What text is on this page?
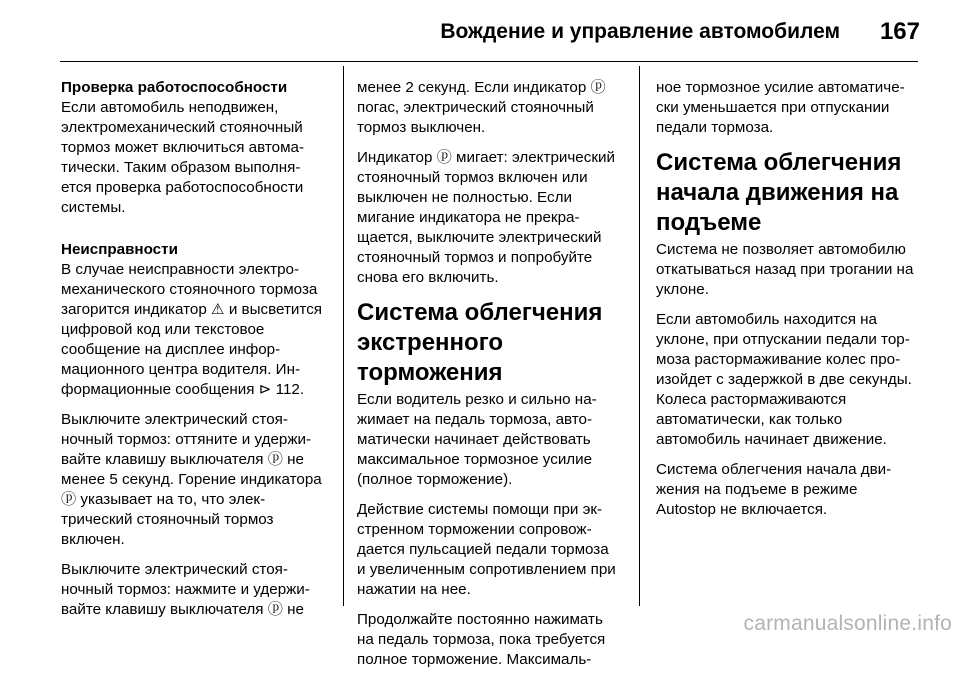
Вождение и управление автомобилем 167
Проверка работоспособности

Если автомобиль неподвижен, электромеханический стояночный тормоз может включиться автоматически. Таким образом выполняется проверка работоспособности системы.

Неисправности

В случае неисправности электромеханического стояночного тормоза загорится индикатор ⚠ и высветится цифровой код или текстовое сообщение на дисплее информационного центра водителя. Информационные сообщения ⊳ 112.

Выключите электрический стояночный тормоз: оттяните и удерживайте клавишу выключателя ⓟ не менее 5 секунд. Горение индикатора ⓟ указывает на то, что электрический стояночный тормоз включен.

Выключите электрический стояночный тормоз: нажмите и удерживайте клавишу выключателя ⓟ не

менее 2 секунд. Если индикатор ⓟ погас, электрический стояночный тормоз выключен.

Индикатор ⓟ мигает: электрический стояночный тормоз включен или выключен не полностью. Если мигание индикатора не прекращается, выключите электрический стояночный тормоз и попробуйте снова его включить.

Система облегчения экстренного торможения

Если водитель резко и сильно нажимает на педаль тормоза, автоматически начинает действовать максимальное тормозное усилие (полное торможение).

Действие системы помощи при экстренном торможении сопровождается пульсацией педали тормоза и увеличенным сопротивлением при нажатии на нее.

Продолжайте постоянно нажимать на педаль тормоза, пока требуется полное торможение. Максималь-

ное тормозное усилие автоматически уменьшается при отпускании педали тормоза.

Система облегчения начала движения на подъеме

Система не позволяет автомобилю откатываться назад при трогании на уклоне.

Если автомобиль находится на уклоне, при отпускании педали тормоза растормаживание колес произойдет с задержкой в две секунды. Колеса растормаживаются автоматически, как только автомобиль начинает движение.

Система облегчения начала движения на подъеме в режиме Autostop не включается.

carmanualsonline.info
